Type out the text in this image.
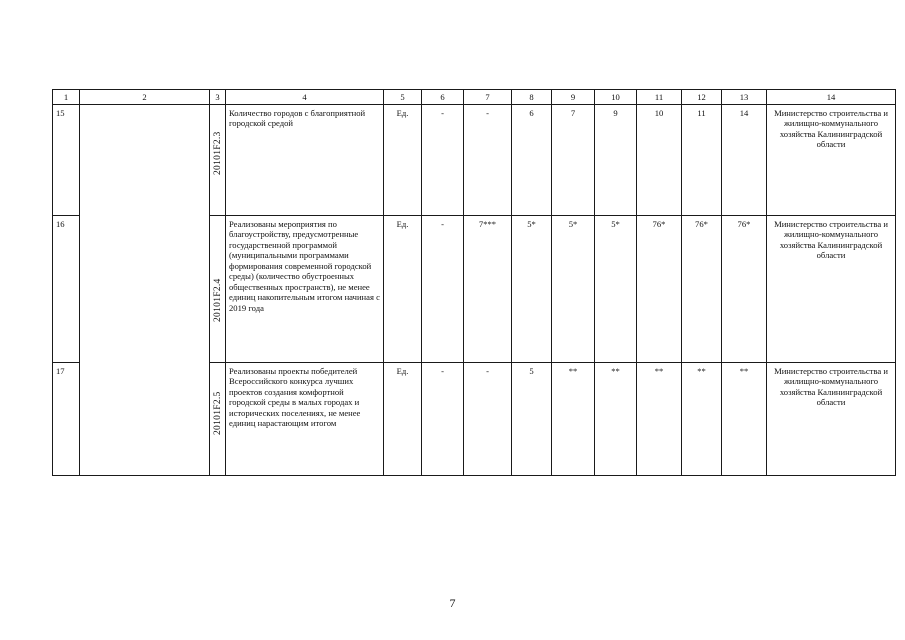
1	2	3	4	5	6	7	8	9	10	11	12	13	14
15		20101F2.3	Количество городов с благоприятной городской средой	Ед.	-	-	6	7	9	10	11	14	Министерство строительства и жилищно-коммунального хозяйства Калининградской области
16		20101F2.4	Реализованы мероприятия по благоустройству, предусмотренные государственной программой (муниципальными программами формирования современной городской среды) (количество обустроенных общественных пространств), не менее единиц накопительным итогом начиная с 2019 года	Ед.	-	7***	5*	5*	5*	76*	76*	76*	Министерство строительства и жилищно-коммунального хозяйства Калининградской области
17		20101F2.5	Реализованы проекты победителей Всероссийского конкурса лучших проектов создания комфортной городской среды в малых городах и исторических поселениях, не менее единиц нарастающим итогом	Ед.	-	-	5	**	**	**	**	**	Министерство строительства и жилищно-коммунального хозяйства Калининградской области
7
